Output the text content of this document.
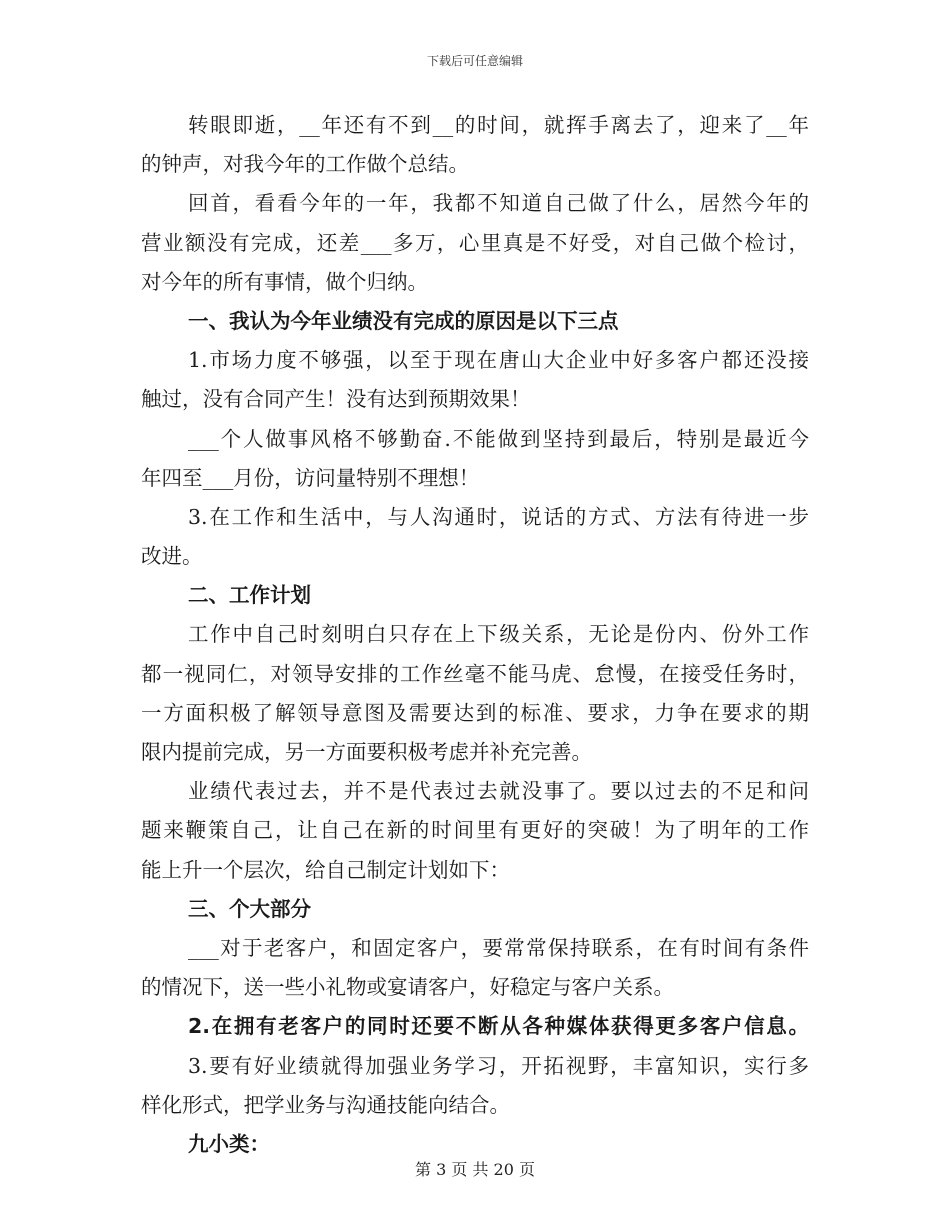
下载后可任意编辑
转眼即逝，__年还有不到__的时间，就挥手离去了，迎来了__年
的钟声，对我今年的工作做个总结。
回首，看看今年的一年，我都不知道自己做了什么，居然今年的
营业额没有完成，还差___多万，心里真是不好受，对自己做个检讨，
对今年的所有事情，做个归纳。
一、我认为今年业绩没有完成的原因是以下三点
1.市场力度不够强，以至于现在唐山大企业中好多客户都还没接
触过，没有合同产生！没有达到预期效果！
___个人做事风格不够勤奋.不能做到坚持到最后，特别是最近今
年四至___月份，访问量特别不理想！
3.在工作和生活中，与人沟通时，说话的方式、方法有待进一步
改进。
二、工作计划
工作中自己时刻明白只存在上下级关系，无论是份内、份外工作
都一视同仁，对领导安排的工作丝毫不能马虎、怠慢，在接受任务时，
一方面积极了解领导意图及需要达到的标准、要求，力争在要求的期
限内提前完成，另一方面要积极考虑并补充完善。
业绩代表过去，并不是代表过去就没事了。要以过去的不足和问
题来鞭策自己，让自己在新的时间里有更好的突破！为了明年的工作
能上升一个层次，给自己制定计划如下：
三、个大部分
___对于老客户，和固定客户，要常常保持联系，在有时间有条件
的情况下，送一些小礼物或宴请客户，好稳定与客户关系。
2.在拥有老客户的同时还要不断从各种媒体获得更多客户信息。
3.要有好业绩就得加强业务学习，开拓视野，丰富知识，实行多
样化形式，把学业务与沟通技能向结合。
九小类：
第 3 页 共 20 页
